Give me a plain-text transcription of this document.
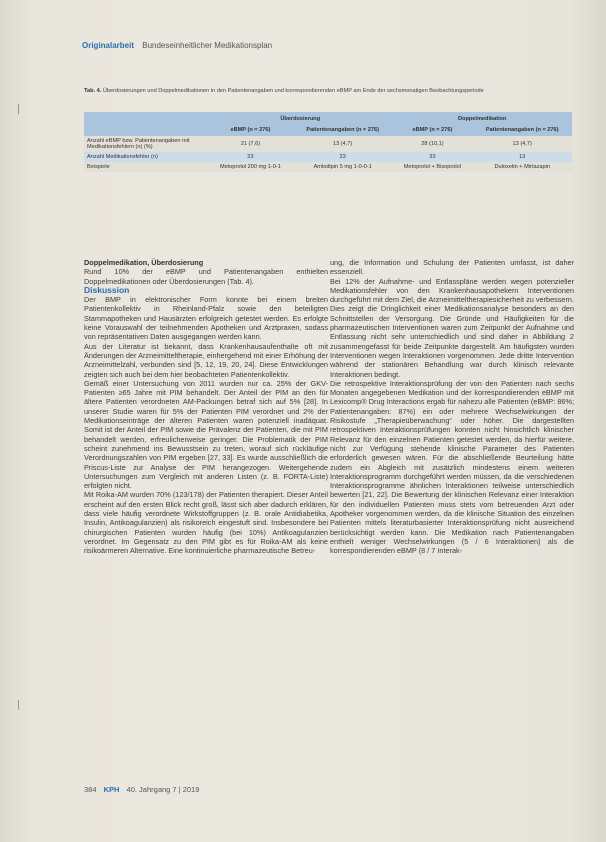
Originalarbeit Bundeseinheitlicher Medikationsplan
Tab. 4. Überdosierungen und Doppelmedikationen in den Patientenangaben und korrespondierenden eBMP am Ende der sechsmonatigen Beobachtungsperiode
	Überdosierung		Doppelmedikation	
	eBMP (n = 276)	Patientenangaben (n = 276)	eBMP (n = 276)	Patientenangaben (n = 276)
Anzahl eBMP bzw. Patientenangaben mit Medikationsfehlern (n) (%)	21 (7,6)	13 (4,7)	28 (10,1)	13 (4,7)
Anzahl Medikationsfehler (n)	23	23	33	13
Beispiele	Metoprolol 200 mg 1-0-1	Amlodipin 5 mg 1-0-0-1	Metoprolol + Bisoprolol	Duloxetin + Mirtazapin

Doppelmedikation, Überdosierung

Rund 10% der eBMP und Patientenangaben enthielten Doppelmedikationen oder Überdosierungen (Tab. 4).

Diskussion

Der BMP in elektronischer Form konnte bei einem breiten Patientenkollektiv in Rheinland-Pfalz sowie den beteiligten Stammapotheken und Hausärzten erfolgreich getestet werden. Es erfolgte keine Vorauswahl der teilnehmenden Apotheken und Arztpraxen, sodass von repräsentativen Daten ausgegangen werden kann.

Aus der Literatur ist bekannt, dass Krankenhausaufenthalte oft mit Änderungen der Arzneimitteltherapie, einhergehend mit einer Erhöhung der Arzneimittelzahl, verbunden sind [5, 12, 19, 20, 24]. Diese Entwicklungen zeigten sich auch bei dem hier beobachteten Patientenkollektiv.

Gemäß einer Untersuchung von 2011 wurden nur ca. 25% der GKV-Patienten ≥65 Jahre mit PIM behandelt. Der Anteil der PIM an den für ältere Patienten verordneten AM-Packungen betraf sich auf 5% [28]. In unserer Studie waren für 5% der Patienten PIM verordnet und 2% der Medikationseinträge der älteren Patienten waren potenziell inadäquat. Somit ist der Anteil der PIM sowie die Prävalenz der Patienten, die mit PIM behandelt werden, erfreulicherweise geringer. Die Problematik der PIM scheint zunehmend ins Bewusstsein zu treten, worauf sich rückläufige Verordnungszahlen von PIM ergeben [27, 33]. Es wurde ausschließlich die Priscus-Liste zur Analyse der PIM herangezogen. Weitergehende Untersuchungen zum Vergleich mit anderen Listen (z. B. FORTA-Liste) erfolgten nicht.

Mit Roika-AM wurden 70% (123/178) der Patienten therapiert. Dieser Anteil erscheint auf den ersten Blick recht groß, lässt sich aber dadurch erklären, dass viele häufig verordnete Wirkstoffgruppen (z. B. orale Antidiabetika, Insulin, Antikoagulanzien) als risikoreich eingestuft sind. Insbesondere bei chirurgischen Patienten wurden häufig (bei 10%) Antikoagulanzien verordnet. Im Gegensatz zu den PIM gibt es für Roika-AM als keine risikoärmeren Alternative. Eine kontinuierliche pharmazeutische Betreu-

ung, die Information und Schulung der Patienten umfasst, ist daher essenziell.

Bei 12% der Aufnahme- und Entlasspläne werden wegen potenzieller Medikationsfehler von den Krankenhausapothekern Interventionen durchgeführt mit dem Ziel, die Arzneimitteltherapiesicherheit zu verbessern. Dies zeigt die Dringlichkeit einer Medikationsanalyse besonders an den Schnittstellen der Versorgung. Die Gründe und Häufigkeiten für die pharmazeutischen Interventionen waren zum Zeitpunkt der Aufnahme und Entlassung nicht sehr unterschiedlich und sind daher in Abbildung 2 zusammengefasst für beide Zeitpunkte dargestellt. Am häufigsten wurden Interventionen wegen Interaktionen vorgenommen. Jede dritte Intervention während der stationären Behandlung war durch klinisch relevante Interaktionen bedingt.

Die retrospektive Interaktionsprüfung der von den Patienten nach sechs Monaten angegebenen Medikation und der korrespondierenden eBMP mit Lexicomp® Drug Interactions ergab für nahezu alle Patienten (eBMP: 86%; Patientenangaben: 87%) ein oder mehrere Wechselwirkungen der Risikostufe „Therapieüberwachung“ oder höher. Die dargestellten retrospektiven Interaktionsprüfungen konnten nicht hinsichtlich klinischer Relevanz für den einzelnen Patienten getestet werden, da hierfür weitere, nicht zur Verfügung stehende klinische Parameter des Patienten erforderlich gewesen wären. Für die abschließende Beurteilung hätte zudem ein Abgleich mit zusätzlich mindestens einem weiteren Interaktionsprogramm durchgeführt werden müssen, da die verschiedenen Interaktionsprogramme ähnlichen Interaktionen teilweise unterschiedlich bewerten [21, 22]. Die Bewertung der klinischen Relevanz einer Interaktion für den individuellen Patienten muss stets vom betreuenden Arzt oder Apotheker vorgenommen werden, da die klinische Situation des einzelnen Patienten mittels literaturbasierter Interaktionsprüfung nicht ausreichend berücksichtigt werden kann. Die Medikation nach Patientenangaben enthielt weniger Wechselwirkungen (5 / 6 Interaktionen) als die korrespondierenden eBMP (8 / 7 Interak-

384 KPH 40. Jahrgang 7 | 2019
